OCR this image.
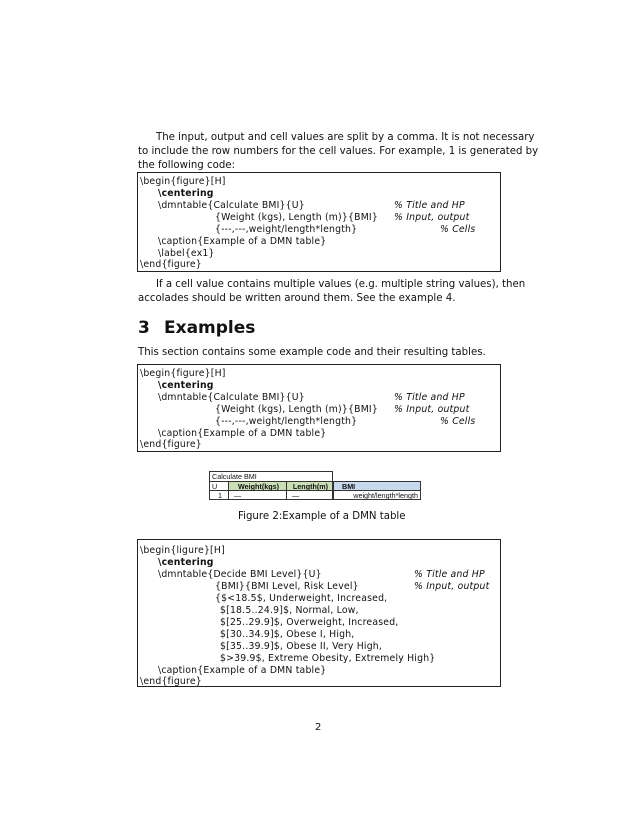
The input, output and cell values are split by a comma. It is not necessary
to include the row numbers for the cell values. For example, 1 is generated by
the following code:
\begin{figure}[H]
\centering
\dmntable{Calculate BMI}{U}	% Title and HP
{Weight (kgs), Length (m)}{BMI} % Input, output
{---,---,weight/length*length}	% Cells
\caption{Example of a DMN table}
\label{ex1}
\end{figure}
If a cell value contains multiple values (e.g. multiple string values), then
accolades should be written around them. See the example 4.
3 Examples
This section contains some example code and their resulting tables.
\begin{figure}[H]
\centering
\dmntable{Calculate BMI}{U}	% Title and HP
{Weight (kgs), Length (m)}{BMI} % Input, output
{---,---,weight/length*length}	% Cells
\caption{Example of a DMN table}
\end{figure}
Calculate BMI
U	Weight(kgs)	Length(m)	BMI
1	—	—	weight/length*length
Figure 2:Example of a DMN table
\begin{ligure}[H]
\centering
\dmntable{Decide BMI Level}{U}	% Title and HP
{BMI}{BMI Level, Risk Level}	% Input, output
{$<18.5$, Underweight, Increased,
$[18.5..24.9]$, Normal, Low,
$[25..29.9]$, Overweight, Increased,
$[30..34.9]$, Obese I, High,
$[35..39.9]$, Obese II, Very High,
$>39.9$, Extreme Obesity, Extremely High}
\caption{Example of a DMN table}
\end{figure}
2
